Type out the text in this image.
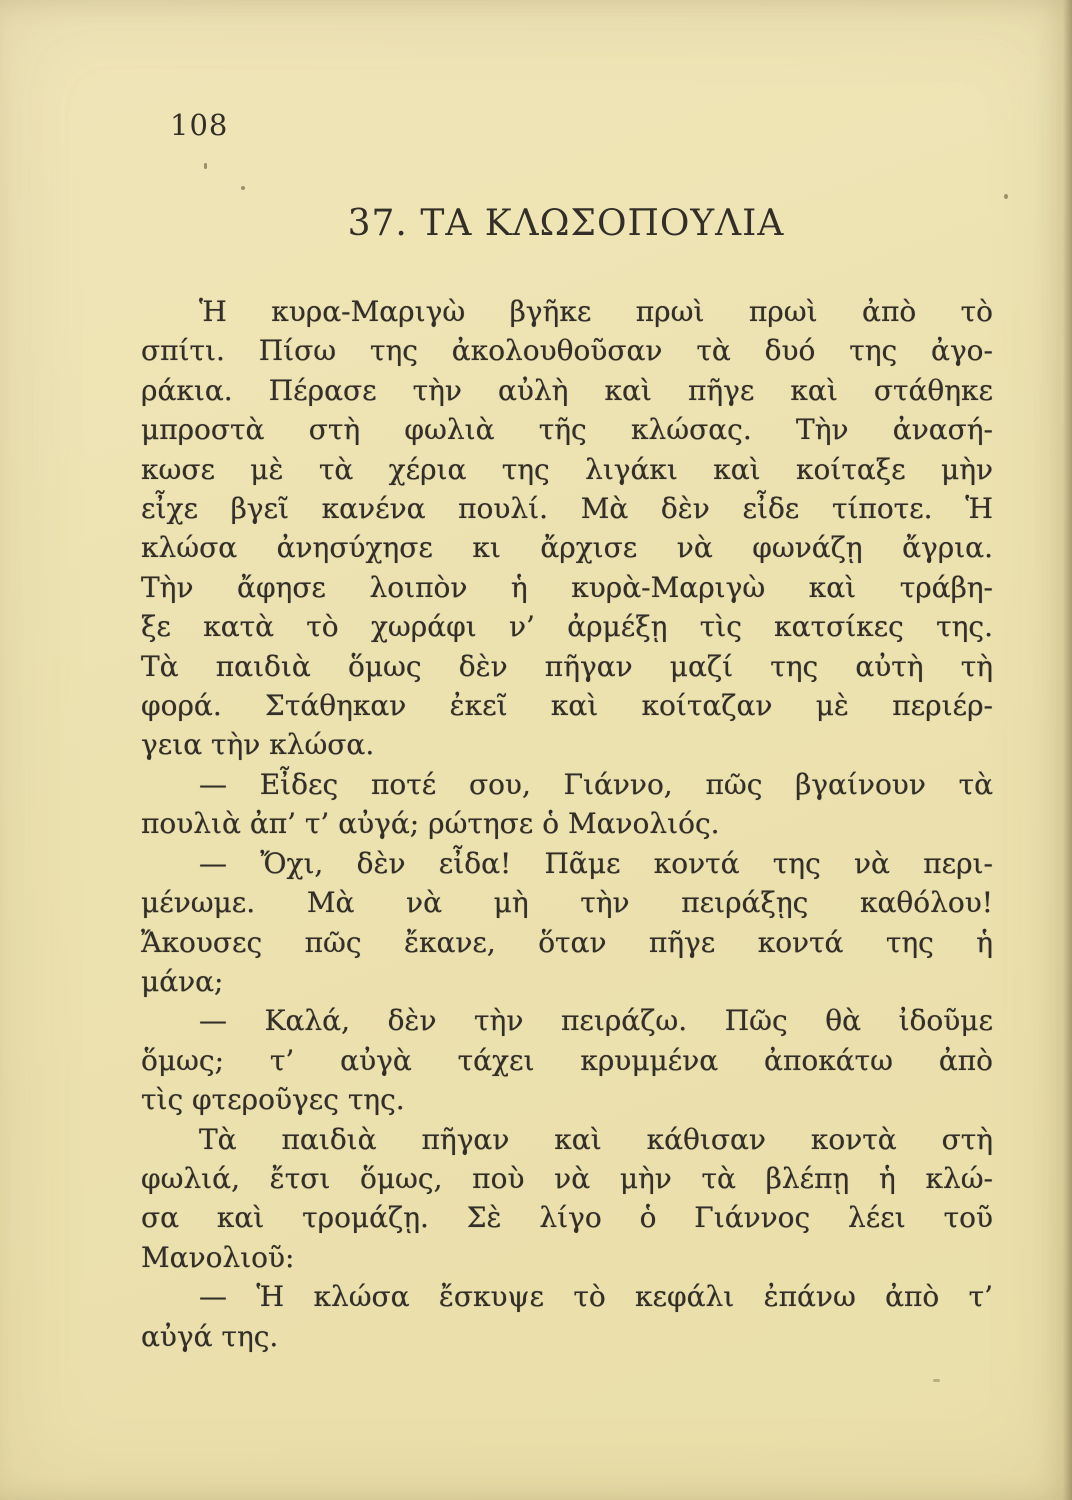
108
37. ΤΑ ΚΛΩΣΟΠΟΥΛΙΑ
Ἡ κυρα-Μαριγὼ βγῆκε πρωὶ πρωὶ ἀπὸ τὸ
σπίτι. Πίσω της ἀκολουθοῦσαν τὰ δυό της ἀγο-
ράκια. Πέρασε τὴν αὐλὴ καὶ πῆγε καὶ στάθηκε
μπροστὰ στὴ φωλιὰ τῆς κλώσας. Τὴν ἀνασή-
κωσε μὲ τὰ χέρια της λιγάκι καὶ κοίταξε μὴν
εἶχε βγεῖ κανένα πουλί. Μὰ δὲν εἶδε τίποτε. Ἡ
κλώσα ἀνησύχησε κι ἄρχισε νὰ φωνάζῃ ἄγρια.
Τὴν ἄφησε λοιπὸν ἡ κυρὰ-Μαριγὼ καὶ τράβη-
ξε κατὰ τὸ χωράφι ν’ ἀρμέξῃ τὶς κατσίκες της.
Τὰ παιδιὰ ὅμως δὲν πῆγαν μαζί της αὐτὴ τὴ
φορά. Στάθηκαν ἐκεῖ καὶ κοίταζαν μὲ περιέρ-
γεια τὴν κλώσα.
— Εἶδες ποτέ σου, Γιάννο, πῶς βγαίνουν τὰ
πουλιὰ ἀπ’ τ’ αὐγά; ρώτησε ὁ Μανολιός.
— Ὄχι, δὲν εἶδα! Πᾶμε κοντά της νὰ περι-
μένωμε. Μὰ νὰ μὴ τὴν πειράξῃς καθόλου!
Ἄκουσες πῶς ἔκανε, ὅταν πῆγε κοντά της ἡ
μάνα;
— Καλά, δὲν τὴν πειράζω. Πῶς θὰ ἰδοῦμε
ὅμως; τ’ αὐγὰ τάχει κρυμμένα ἀποκάτω ἀπὸ
τὶς φτεροῦγες της.
Τὰ παιδιὰ πῆγαν καὶ κάθισαν κοντὰ στὴ
φωλιά, ἔτσι ὅμως, ποὺ νὰ μὴν τὰ βλέπῃ ἡ κλώ-
σα καὶ τρομάζῃ. Σὲ λίγο ὁ Γιάννος λέει τοῦ
Μανολιοῦ:
— Ἡ κλώσα ἔσκυψε τὸ κεφάλι ἐπάνω ἀπὸ τ’
αὐγά της.
